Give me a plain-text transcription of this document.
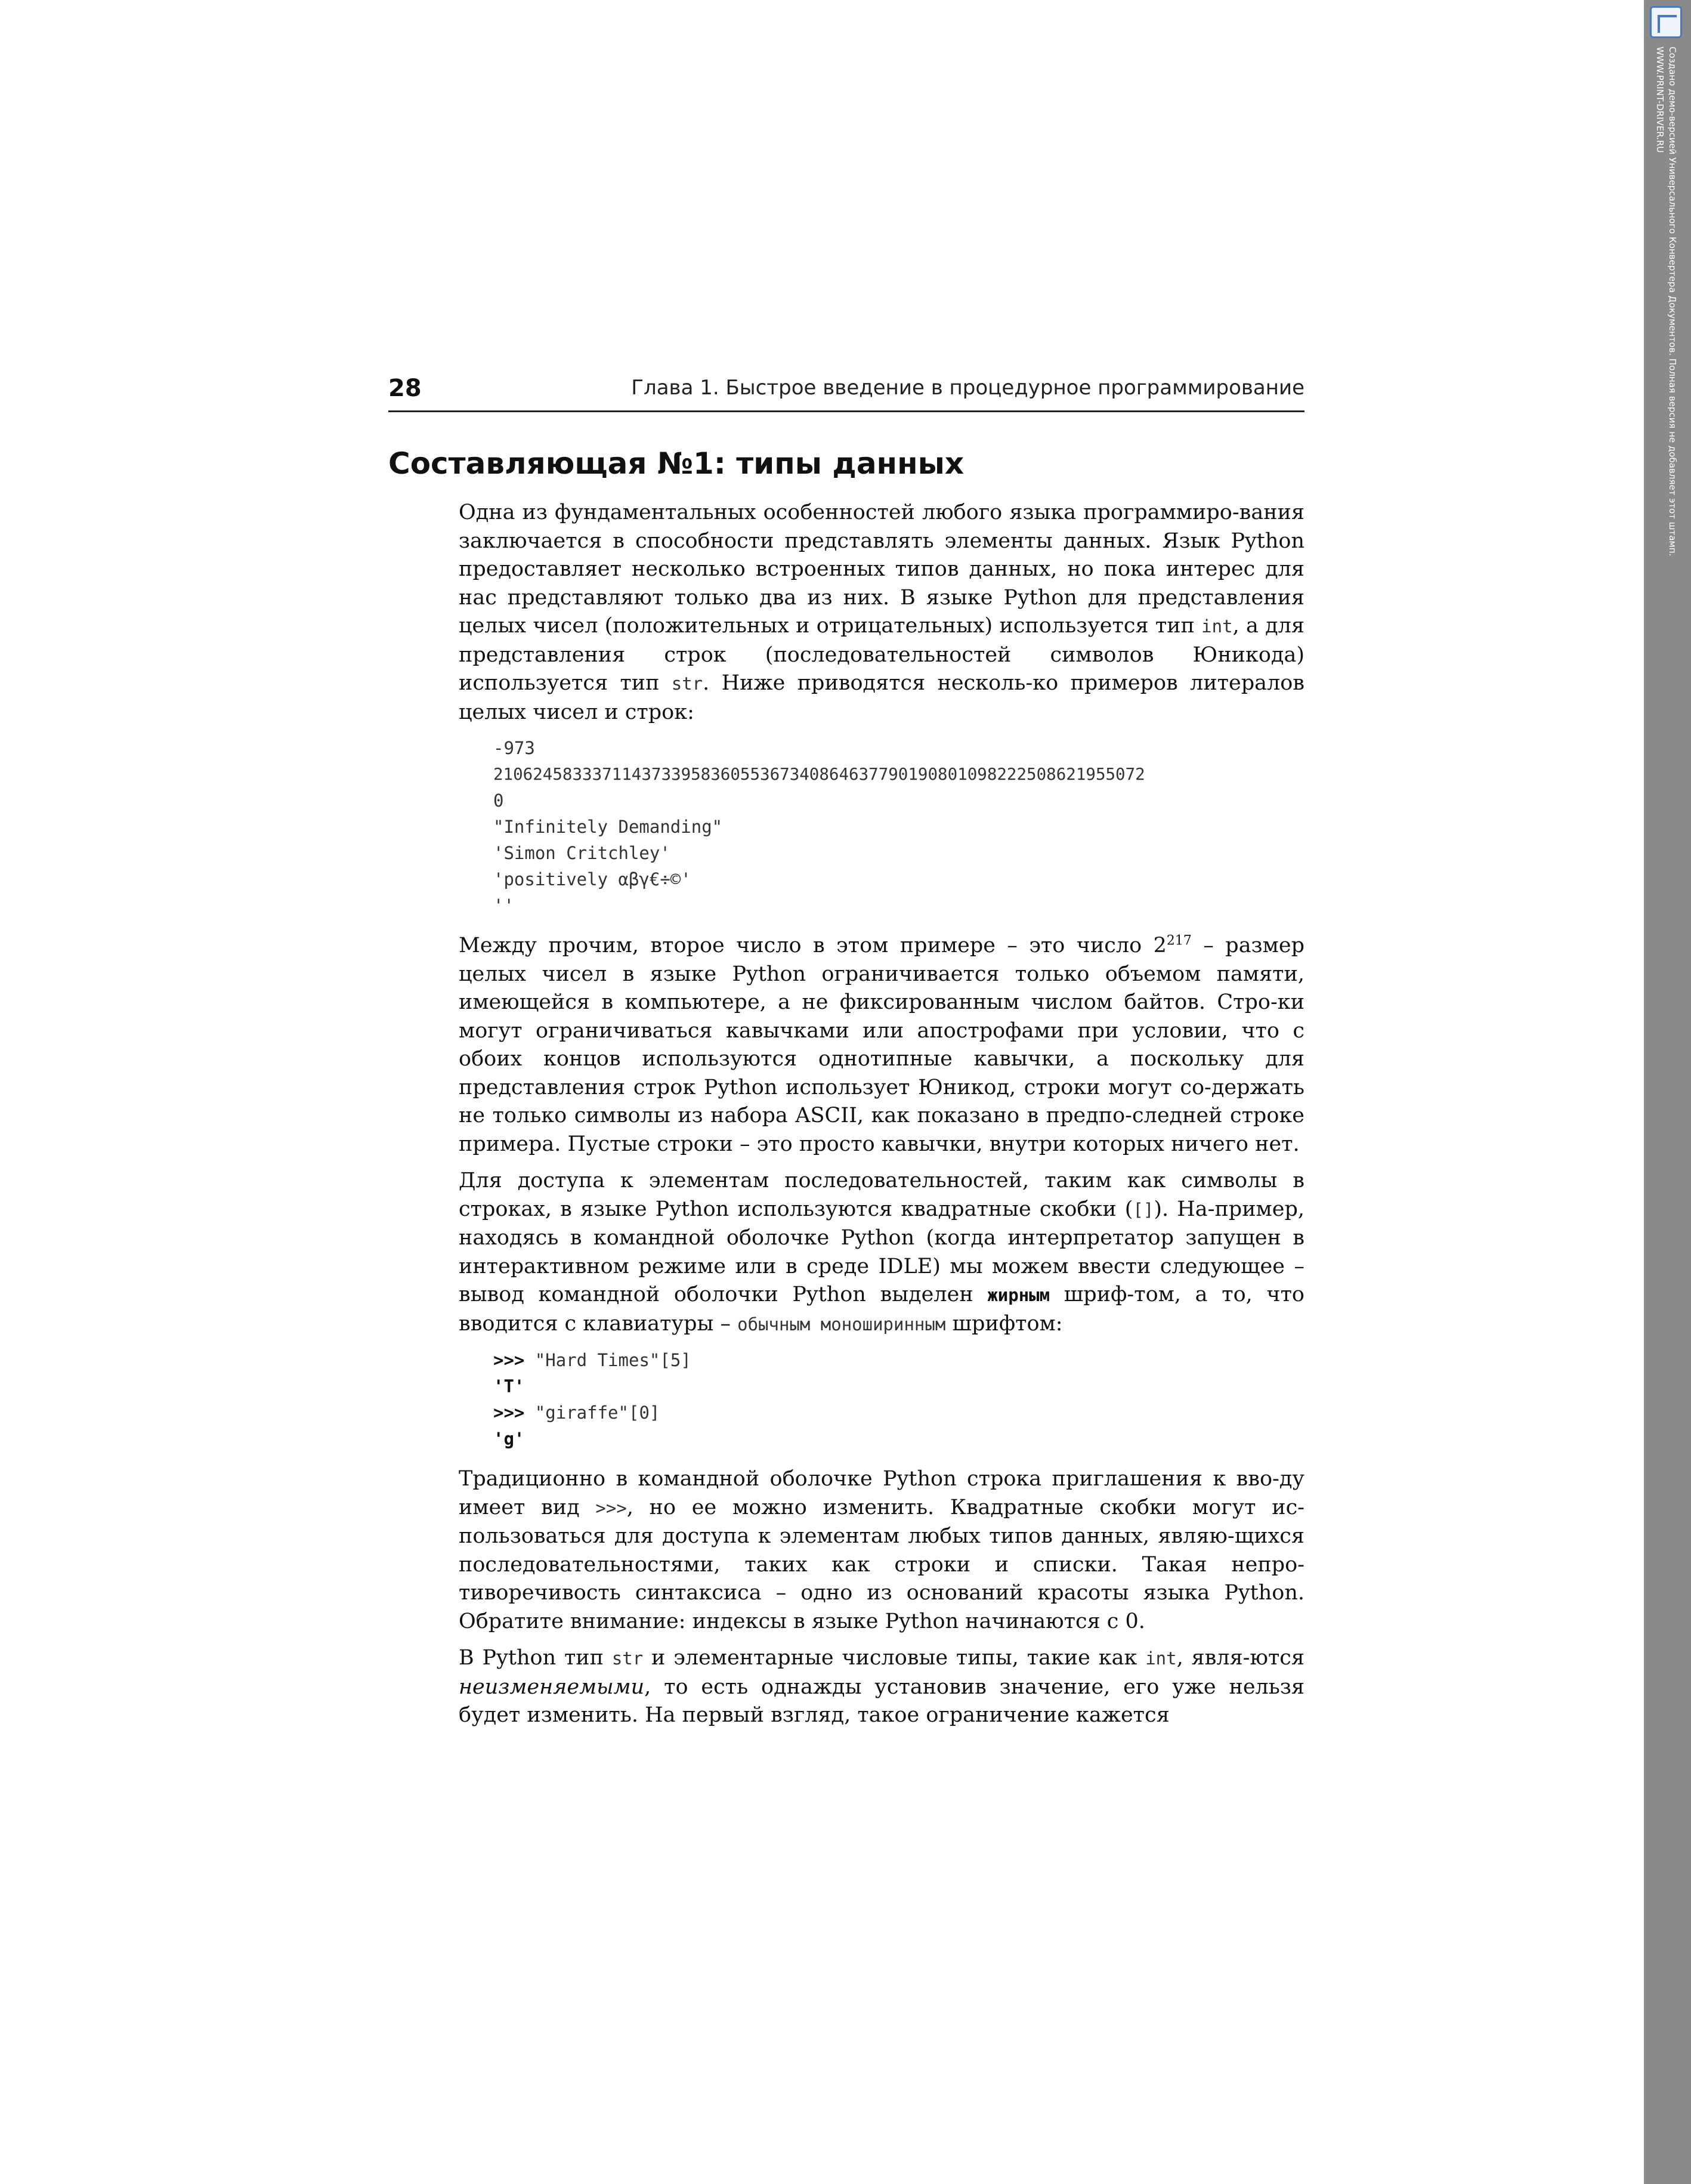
Создано демо-версией Универсального Конвертера Документов. Полная версия не добавляет этот штамп.
WWW.PRINT-DRIVER.RU
28	Глава 1. Быстрое введение в процедурное программирование
Составляющая №1: типы данных

Одна из фундаментальных особенностей любого языка программиро-вания заключается в способности представлять элементы данных. Язык Python предоставляет несколько встроенных типов данных, но пока интерес для нас представляют только два из них. В языке Python для представления целых чисел (положительных и отрицательных) используется тип int, а для представления строк (последовательностей символов Юникода) используется тип str. Ниже приводятся несколь-ко примеров литералов целых чисел и строк:

-973
210624583337114373395836055367340864637790190801098222508621955072
0
"Infinitely Demanding"
'Simon Critchley'
'positively αβγ€÷©'
''

Между прочим, второе число в этом примере – это число $2^{217}$ – размер целых чисел в языке Python ограничивается только объемом памяти, имеющейся в компьютере, а не фиксированным числом байтов. Стро-ки могут ограничиваться кавычками или апострофами при условии, что с обоих концов используются однотипные кавычки, а поскольку для представления строк Python использует Юникод, строки могут со-держать не только символы из набора ASCII, как показано в предпо-следней строке примера. Пустые строки – это просто кавычки, внутри которых ничего нет.

Для доступа к элементам последовательностей, таким как символы в строках, в языке Python используются квадратные скобки ([]). На-пример, находясь в командной оболочке Python (когда интерпретатор запущен в интерактивном режиме или в среде IDLE) мы можем ввести следующее – вывод командной оболочки Python выделен жирным шриф-том, а то, что вводится с клавиатуры – обычным моноширинным шрифтом:

>>> "Hard Times"[5]
'T'
>>> "giraffe"[0]
'g'

Традиционно в командной оболочке Python строка приглашения к вво-ду имеет вид >>>, но ее можно изменить. Квадратные скобки могут ис-пользоваться для доступа к элементам любых типов данных, являю-щихся последовательностями, таких как строки и списки. Такая непро-тиворечивость синтаксиса – одно из оснований красоты языка Python. Обратите внимание: индексы в языке Python начинаются с 0.

В Python тип str и элементарные числовые типы, такие как int, явля-ются неизменяемыми, то есть однажды установив значение, его уже нельзя будет изменить. На первый взгляд, такое ограничение кажется
